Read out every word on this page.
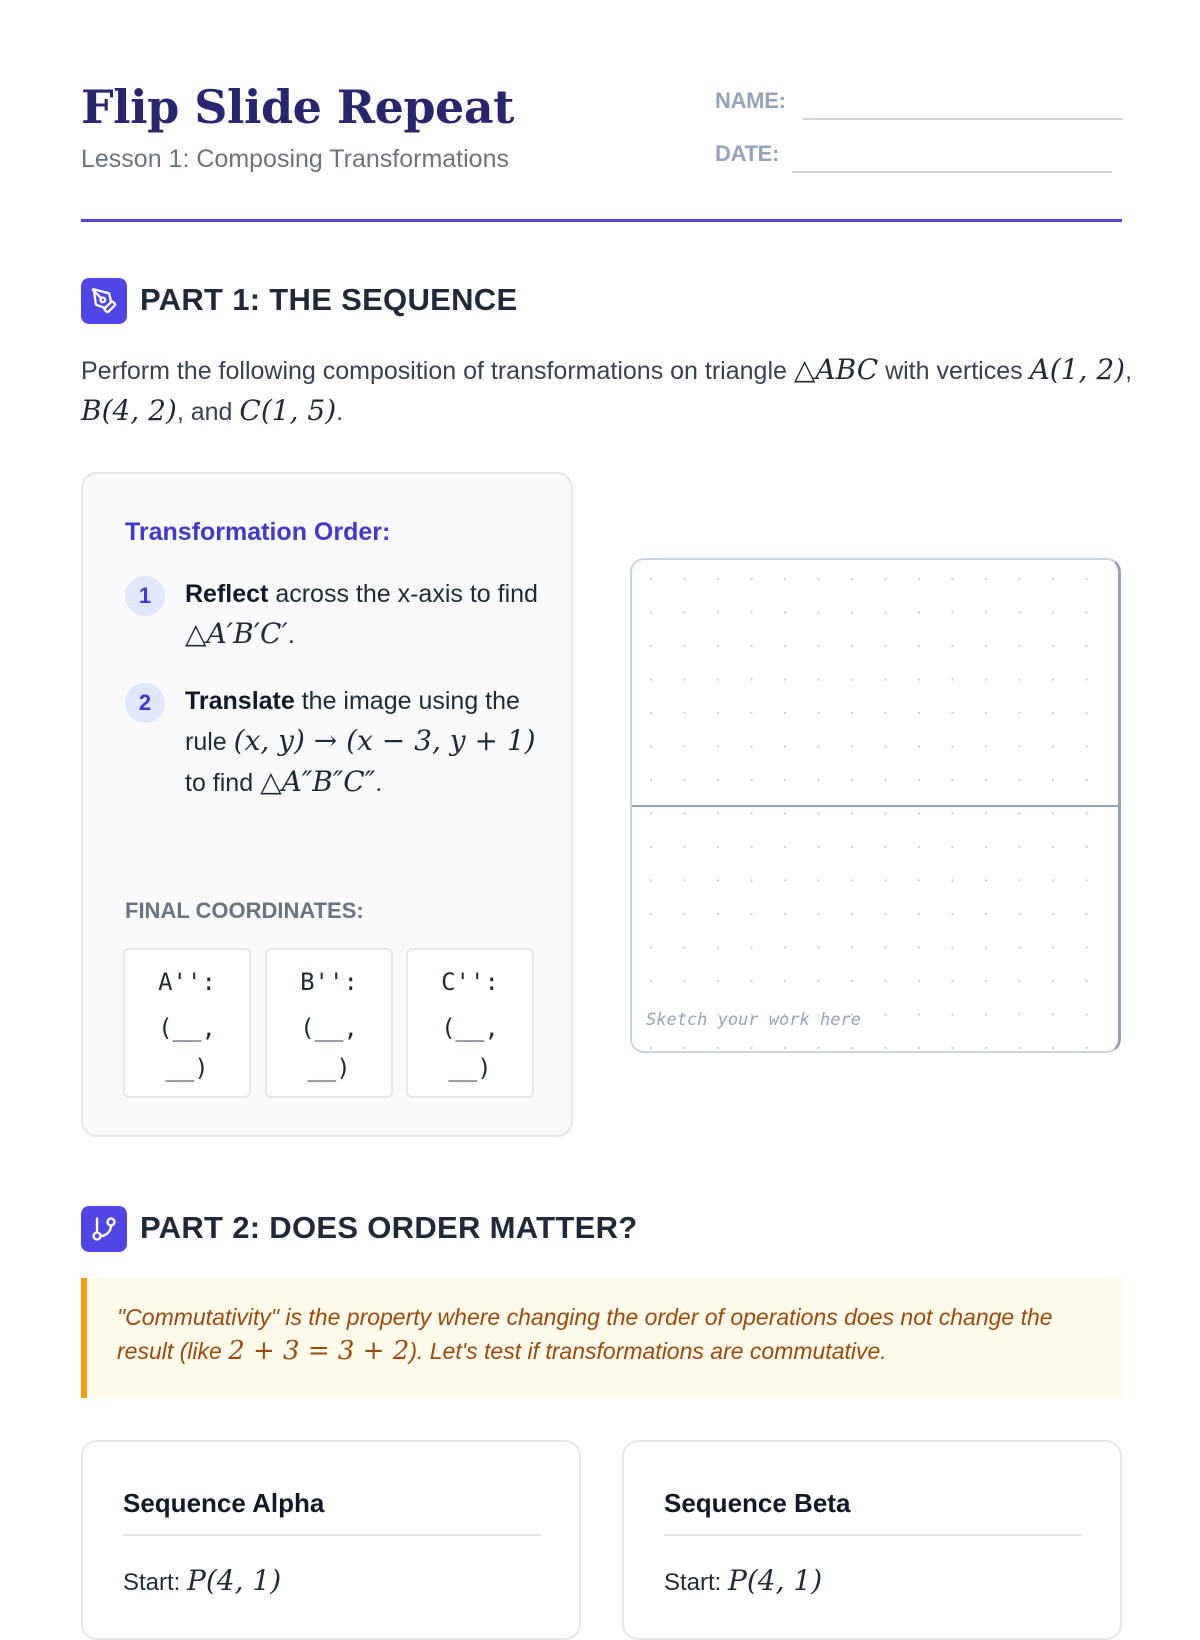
Flip Slide Repeat
Lesson 1: Composing Transformations
NAME:
DATE:
PART 1: THE SEQUENCE
Perform the following composition of transformations on triangle △ABC with vertices A(1, 2), B(4, 2), and C(1, 5).
Transformation Order:
1	Reflect across the x-axis to find △A′B′C′.
2	Translate the image using the rule (x, y) → (x − 3, y + 1) to find △A″B″C″.
FINAL COORDINATES:
A'':
(__,
__)
B'':
(__,
__)
C'':
(__,
__)
Sketch your work here
PART 2: DOES ORDER MATTER?
"Commutativity" is the property where changing the order of operations does not change the result (like 2 + 3 = 3 + 2). Let's test if transformations are commutative.
Sequence Alpha
Start: P(4, 1)
Sequence Beta
Start: P(4, 1)
